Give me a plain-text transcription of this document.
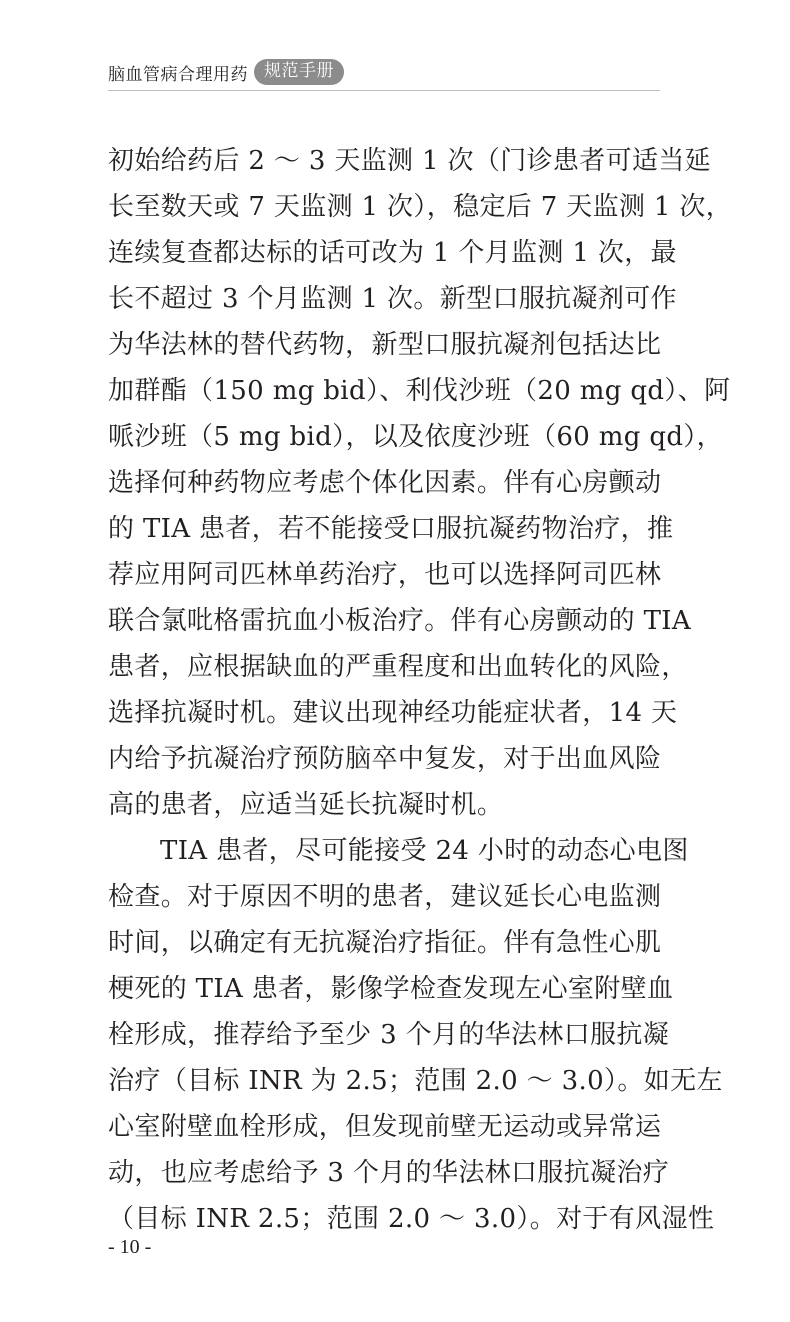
脑血管病合理用药 规范手册
初始给药后 2 ～ 3 天监测 1 次（门诊患者可适当延
长至数天或 7 天监测 1 次），稳定后 7 天监测 1 次，
连续复查都达标的话可改为 1 个月监测 1 次，最
长不超过 3 个月监测 1 次。新型口服抗凝剂可作
为华法林的替代药物，新型口服抗凝剂包括达比
加群酯（150 mg bid）、利伐沙班（20 mg qd）、阿
哌沙班（5 mg bid），以及依度沙班（60 mg qd），
选择何种药物应考虑个体化因素。伴有心房颤动
的 TIA 患者，若不能接受口服抗凝药物治疗，推
荐应用阿司匹林单药治疗，也可以选择阿司匹林
联合氯吡格雷抗血小板治疗。伴有心房颤动的 TIA
患者，应根据缺血的严重程度和出血转化的风险，
选择抗凝时机。建议出现神经功能症状者，14 天
内给予抗凝治疗预防脑卒中复发，对于出血风险
高的患者，应适当延长抗凝时机。
TIA 患者，尽可能接受 24 小时的动态心电图
检查。对于原因不明的患者，建议延长心电监测
时间，以确定有无抗凝治疗指征。伴有急性心肌
梗死的 TIA 患者，影像学检查发现左心室附壁血
栓形成，推荐给予至少 3 个月的华法林口服抗凝
治疗（目标 INR 为 2.5；范围 2.0 ～ 3.0）。如无左
心室附壁血栓形成，但发现前壁无运动或异常运
动，也应考虑给予 3 个月的华法林口服抗凝治疗
（目标 INR 2.5；范围 2.0 ～ 3.0）。对于有风湿性
- 10 -
